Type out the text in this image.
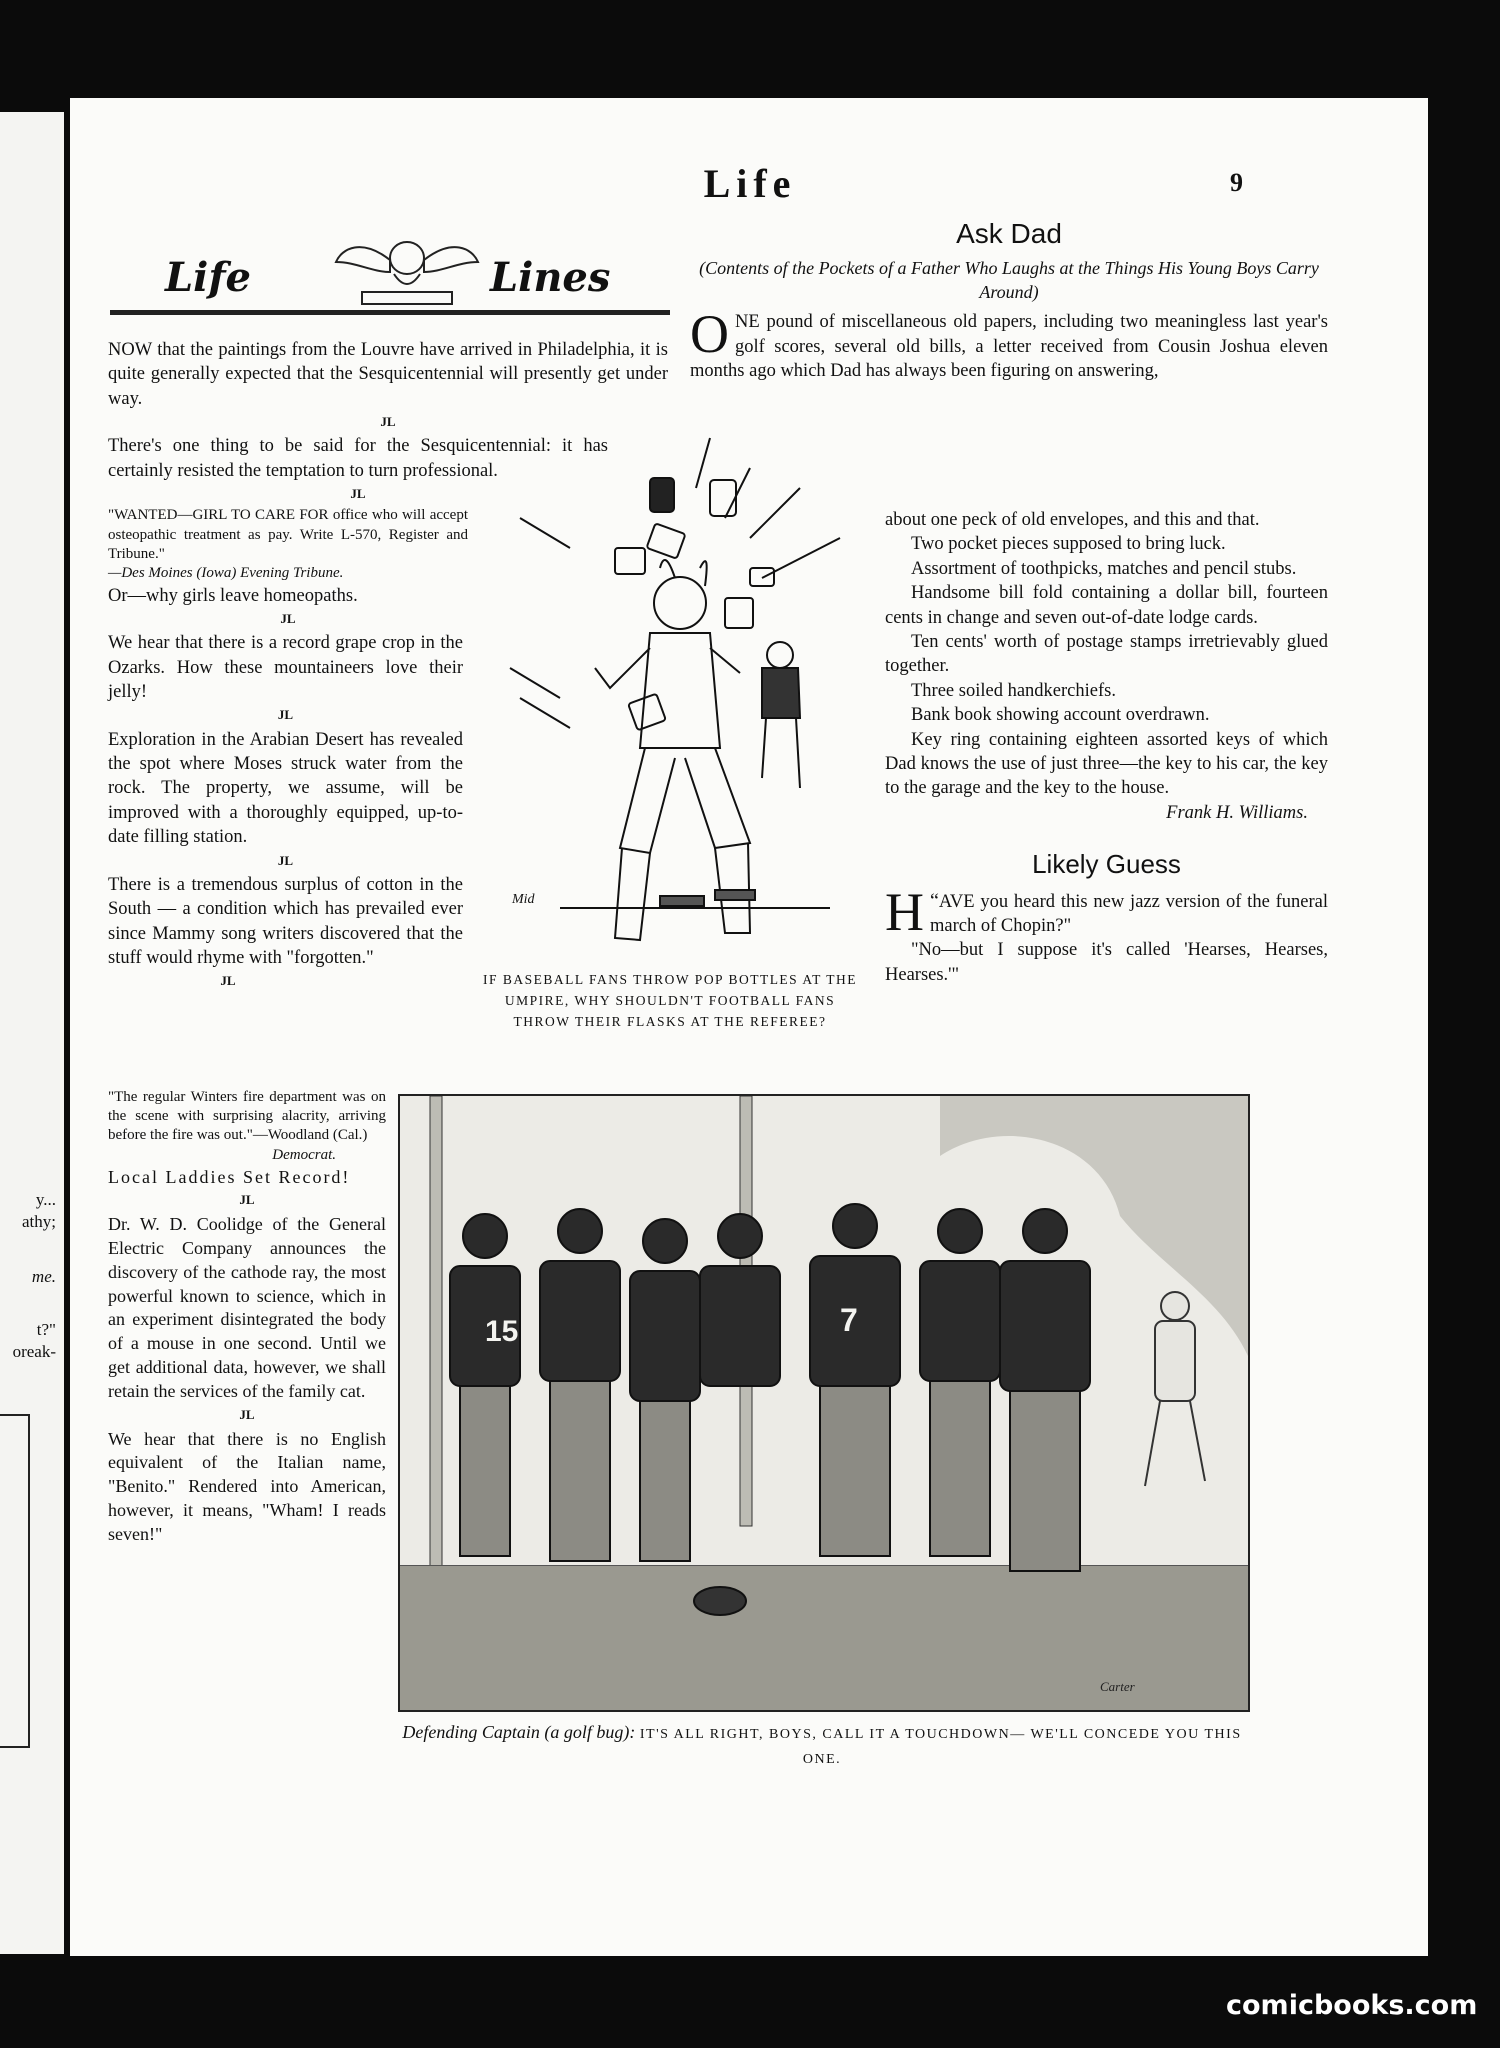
y...
athy;
me.
t?"
oreak-
Life	9
Life	Lines

NOW that the paintings from the Louvre have arrived in Philadelphia, it is quite generally expected that the Sesquicentennial will presently get under way.

JL

There's one thing to be said for the Sesquicentennial: it has certainly resisted the temptation to turn professional.

JL

"WANTED—GIRL TO CARE FOR office who will accept osteopathic treatment as pay. Write L-570, Register and Tribune."

—Des Moines (Iowa) Evening Tribune.

Or—why girls leave homeopaths.

JL

We hear that there is a record grape crop in the Ozarks. How these mountaineers love their jelly!

JL

Exploration in the Arabian Desert has revealed the spot where Moses struck water from the rock. The property, we assume, will be improved with a thoroughly equipped, up-to-date filling station.

JL

There is a tremendous surplus of cotton in the South — a condition which has prevailed ever since Mammy song writers discovered that the stuff would rhyme with "forgotten."

JL

"The regular Winters fire department was on the scene with surprising alacrity, arriving before the fire was out."—Woodland (Cal.)

Democrat.

Local Laddies Set Record!

JL

Dr. W. D. Coolidge of the General Electric Company announces the discovery of the cathode ray, the most powerful known to science, which in an experiment disintegrated the body of a mouse in one second. Until we get additional data, however, we shall retain the services of the family cat.

JL

We hear that there is no English equivalent of the Italian name, "Benito." Rendered into American, however, it means, "Wham! I reads seven!"

Mid
IF BASEBALL FANS THROW POP BOTTLES AT THE UMPIRE, WHY SHOULDN'T FOOTBALL FANS THROW THEIR FLASKS AT THE REFEREE?
Ask Dad
(Contents of the Pockets of a Father Who Laughs at the Things His Young Boys Carry Around)

O NE pound of miscellaneous old papers, including two meaningless last year's golf scores, several old bills, a letter received from Cousin Joshua eleven months ago which Dad has always been figuring on answering,

about one peck of old envelopes, and this and that.

Two pocket pieces supposed to bring luck.

Assortment of toothpicks, matches and pencil stubs.

Handsome bill fold containing a dollar bill, fourteen cents in change and seven out-of-date lodge cards.

Ten cents' worth of postage stamps irretrievably glued together.

Three soiled handkerchiefs.

Bank book showing account overdrawn.

Key ring containing eighteen assorted keys of which Dad knows the use of just three—the key to his car, the key to the garage and the key to the house.

Frank H. Williams.
Likely Guess

“
H AVE you heard this new jazz version of the funeral march of Chopin?"

"No—but I suppose it's called 'Hearses, Hearses, Hearses.'"

15	7
Carter
Defending Captain (a golf bug): IT'S ALL RIGHT, BOYS, CALL IT A TOUCHDOWN— WE'LL CONCEDE YOU THIS ONE.
comicbooks.com
